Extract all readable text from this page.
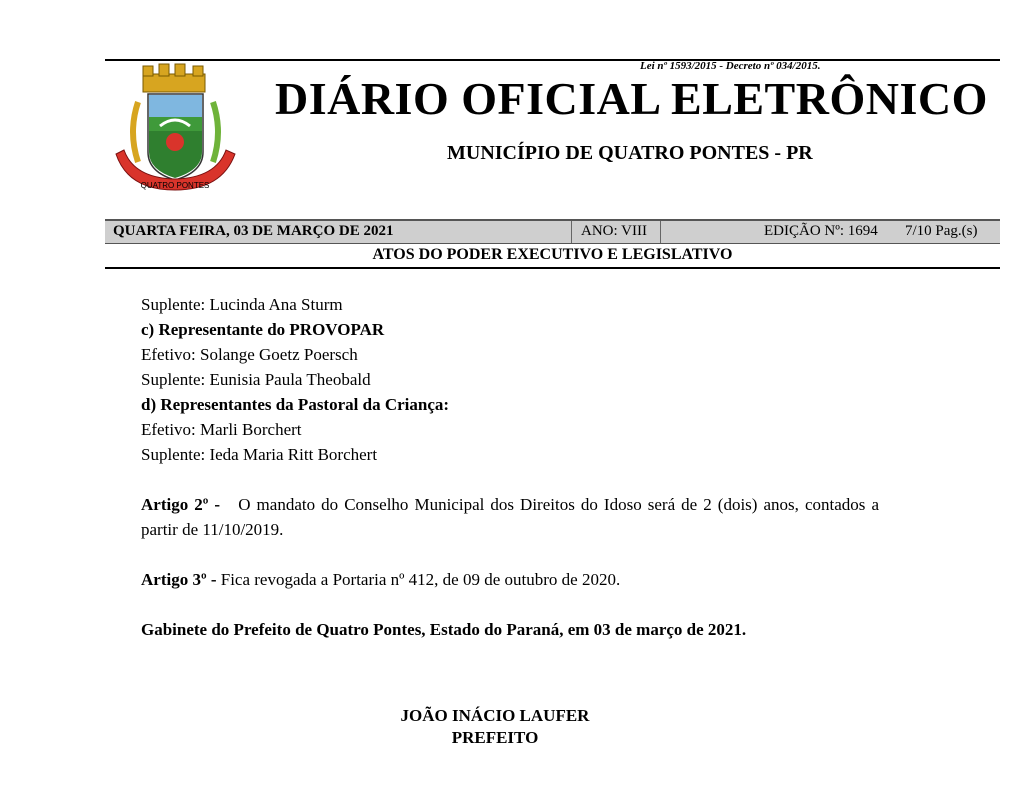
Lei nº 1593/2015 - Decreto nº 034/2015.
QUATRO PONTES
DIÁRIO OFICIAL ELETRÔNICO
MUNICÍPIO DE QUATRO PONTES - PR
QUARTA FEIRA, 03 DE MARÇO DE 2021	ANO: VIII	EDIÇÃO Nº: 1694 7/10 Pag.(s)
ATOS DO PODER EXECUTIVO E LEGISLATIVO

Suplente: Lucinda Ana Sturm

c) Representante do PROVOPAR

Efetivo: Solange Goetz Poersch

Suplente: Eunisia Paula Theobald

d) Representantes da Pastoral da Criança:

Efetivo: Marli Borchert

Suplente: Ieda Maria Ritt Borchert

Artigo 2º - O mandato do Conselho Municipal dos Direitos do Idoso será de 2 (dois) anos, contados a partir de 11/10/2019.

Artigo 3º - Fica revogada a Portaria nº 412, de 09 de outubro de 2020.

Gabinete do Prefeito de Quatro Pontes, Estado do Paraná, em 03 de março de 2021.

JOÃO INÁCIO LAUFER
PREFEITO
